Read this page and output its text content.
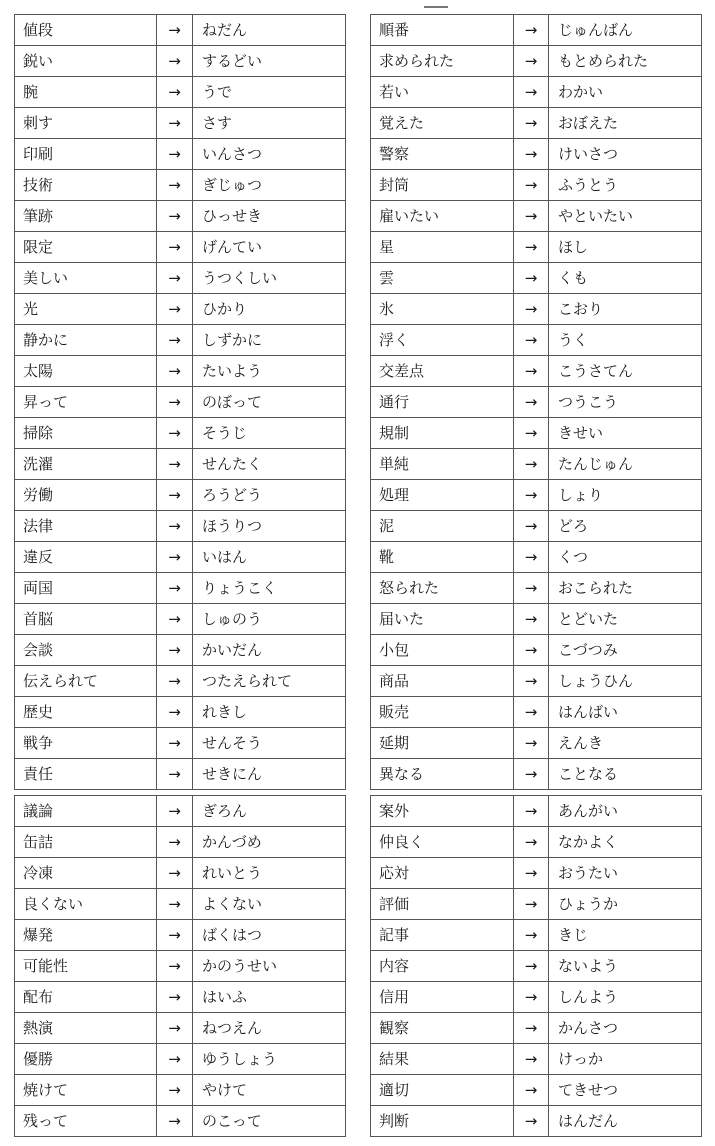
値段	→	ねだん
鋭い	→	するどい
腕	→	うで
刺す	→	さす
印刷	→	いんさつ
技術	→	ぎじゅつ
筆跡	→	ひっせき
限定	→	げんてい
美しい	→	うつくしい
光	→	ひかり
静かに	→	しずかに
太陽	→	たいよう
昇って	→	のぼって
掃除	→	そうじ
洗濯	→	せんたく
労働	→	ろうどう
法律	→	ほうりつ
違反	→	いはん
両国	→	りょうこく
首脳	→	しゅのう
会談	→	かいだん
伝えられて	→	つたえられて
歴史	→	れきし
戦争	→	せんそう
責任	→	せきにん
順番	→	じゅんばん
求められた	→	もとめられた
若い	→	わかい
覚えた	→	おぼえた
警察	→	けいさつ
封筒	→	ふうとう
雇いたい	→	やといたい
星	→	ほし
雲	→	くも
氷	→	こおり
浮く	→	うく
交差点	→	こうさてん
通行	→	つうこう
規制	→	きせい
単純	→	たんじゅん
処理	→	しょり
泥	→	どろ
靴	→	くつ
怒られた	→	おこられた
届いた	→	とどいた
小包	→	こづつみ
商品	→	しょうひん
販売	→	はんばい
延期	→	えんき
異なる	→	ことなる
議論	→	ぎろん
缶詰	→	かんづめ
冷凍	→	れいとう
良くない	→	よくない
爆発	→	ばくはつ
可能性	→	かのうせい
配布	→	はいふ
熱演	→	ねつえん
優勝	→	ゆうしょう
焼けて	→	やけて
残って	→	のこって
案外	→	あんがい
仲良く	→	なかよく
応対	→	おうたい
評価	→	ひょうか
記事	→	きじ
内容	→	ないよう
信用	→	しんよう
観察	→	かんさつ
結果	→	けっか
適切	→	てきせつ
判断	→	はんだん
